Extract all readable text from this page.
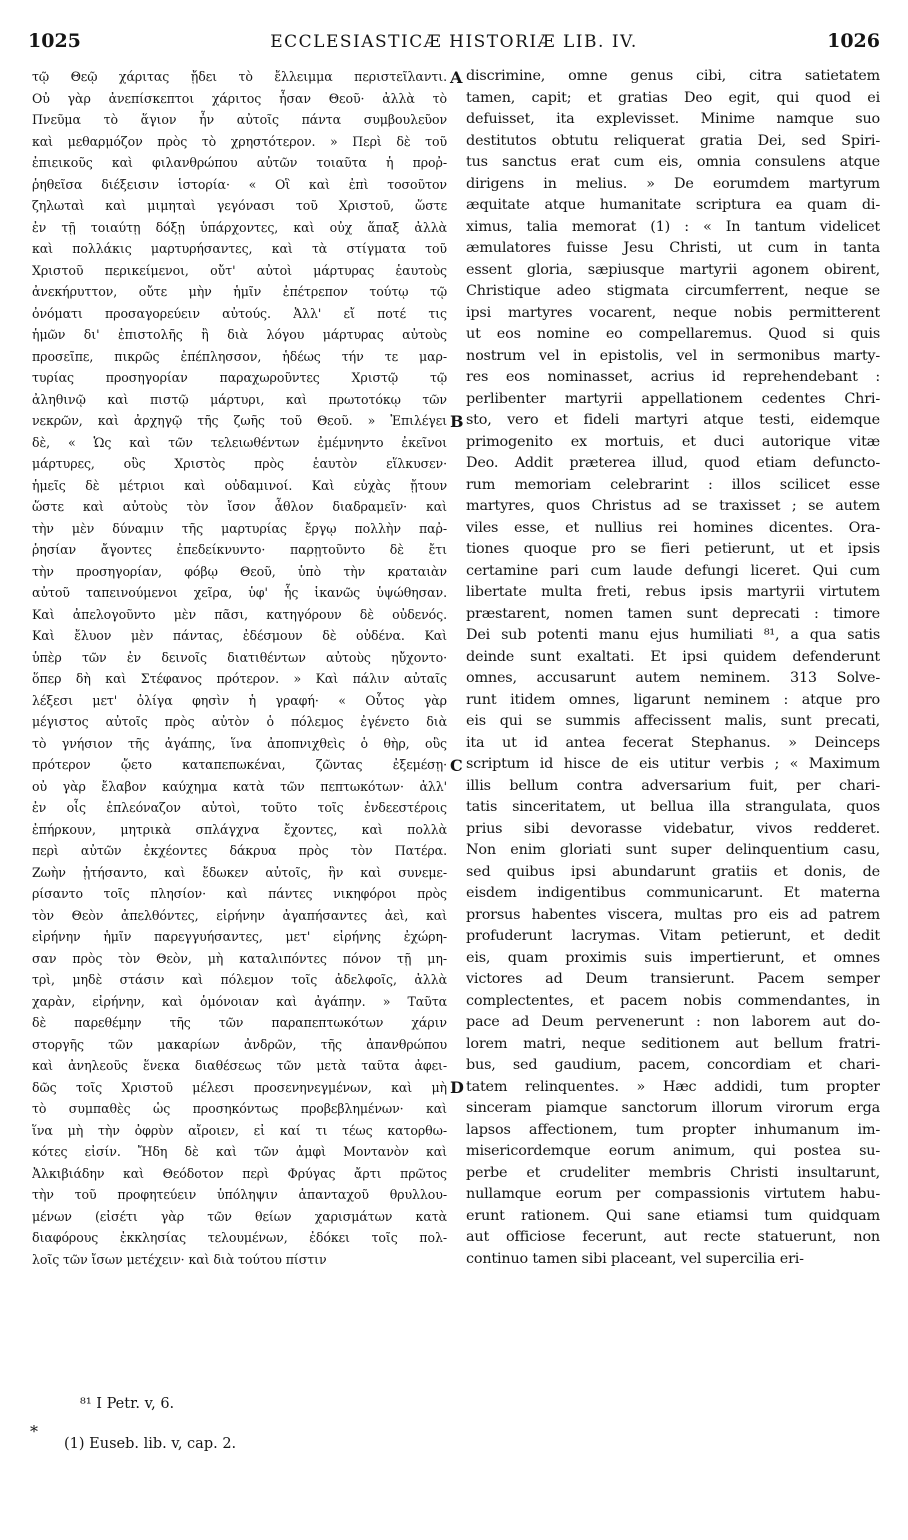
1025	ECCLESIASTICÆ HISTORIÆ LIB. IV.	1026
τῷ Θεῷ χάριτας ᾔδει τὸ ἔλλειμμα περιστεῖλαντι.
Οὐ γὰρ ἀνεπίσκεπτοι χάριτος ἦσαν Θεοῦ· ἀλλὰ τὸ
Πνεῦμα τὸ ἅγιον ἦν αὐτοῖς πάντα συμβουλεῦον
καὶ μεθαρμόζον πρὸς τὸ χρηστότερον. » Περὶ δὲ τοῦ
ἐπιεικοῦς καὶ φιλανθρώπου αὐτῶν τοιαῦτα ἡ προῤ-
ῥηθεῖσα διέξεισιν ἱστορία· « Οἳ καὶ ἐπὶ τοσοῦτον
ζηλωταὶ καὶ μιμηταὶ γεγόνασι τοῦ Χριστοῦ, ὥστε
ἐν τῇ τοιαύτῃ δόξῃ ὑπάρχοντες, καὶ οὐχ ἅπαξ ἀλλὰ
καὶ πολλάκις μαρτυρήσαντες, καὶ τὰ στίγματα τοῦ
Χριστοῦ περικείμενοι, οὔτ' αὐτοὶ μάρτυρας ἑαυτοὺς
ἀνεκήρυττον, οὔτε μὴν ἡμῖν ἐπέτρεπον τούτῳ τῷ
ὀνόματι προσαγορεύειν αὐτούς. Ἀλλ' εἴ ποτέ τις
ἡμῶν δι' ἐπιστολῆς ἢ διὰ λόγου μάρτυρας αὐτοὺς
προσεῖπε, πικρῶς ἐπέπλησσον, ἡδέως τήν τε μαρ-
τυρίας προσηγορίαν παραχωροῦντες Χριστῷ τῷ
ἀληθινῷ καὶ πιστῷ μάρτυρι, καὶ πρωτοτόκῳ τῶν
νεκρῶν, καὶ ἀρχηγῷ τῆς ζωῆς τοῦ Θεοῦ. » Ἐπιλέγει
δὲ, « Ὡς καὶ τῶν τελειωθέντων ἐμέμνηντο ἐκεῖνοι
μάρτυρες, οὓς Χριστὸς πρὸς ἑαυτὸν εἵλκυσεν·
ἡμεῖς δὲ μέτριοι καὶ οὐδαμινοί. Καὶ εὐχὰς ᾔτουν
ὥστε καὶ αὐτοὺς τὸν ἴσον ἆθλον διαδραμεῖν· καὶ
τὴν μὲν δύναμιν τῆς μαρτυρίας ἔργῳ πολλὴν παῤ-
ῥησίαν ἄγοντες ἐπεδείκνυντο· παρῃτοῦντο δὲ ἔτι
τὴν προσηγορίαν, φόβῳ Θεοῦ, ὑπὸ τὴν κραταιὰν
αὐτοῦ ταπεινούμενοι χεῖρα, ὑφ' ἧς ἱκανῶς ὑψώθησαν.
Καὶ ἀπελογοῦντο μὲν πᾶσι, κατηγόρουν δὲ οὐδενός.
Καὶ ἔλυον μὲν πάντας, ἐδέσμουν δὲ οὐδένα. Καὶ
ὑπὲρ τῶν ἐν δεινοῖς διατιθέντων αὐτοὺς ηὔχοντο·
ὅπερ δὴ καὶ Στέφανος πρότερον. » Καὶ πάλιν αὐταῖς
λέξεσι μετ' ὀλίγα φησὶν ἡ γραφή· « Οὗτος γὰρ
μέγιστος αὐτοῖς πρὸς αὐτὸν ὁ πόλεμος ἐγένετο διὰ
τὸ γνήσιον τῆς ἀγάπης, ἵνα ἀποπνιχθεὶς ὁ θὴρ, οὓς
πρότερον ᾤετο καταπεπωκέναι, ζῶντας ἐξεμέσῃ·
οὐ γὰρ ἔλαβον καύχημα κατὰ τῶν πεπτωκότων· ἀλλ'
ἐν οἷς ἐπλεόναζον αὐτοὶ, τοῦτο τοῖς ἐνδεεστέροις
ἐπήρκουν, μητρικὰ σπλάγχνα ἔχοντες, καὶ πολλὰ
περὶ αὐτῶν ἐκχέοντες δάκρυα πρὸς τὸν Πατέρα.
Ζωὴν ᾐτήσαντο, καὶ ἔδωκεν αὐτοῖς, ἣν καὶ συνεμε-
ρίσαντο τοῖς πλησίον· καὶ πάντες νικηφόροι πρὸς
τὸν Θεὸν ἀπελθόντες, εἰρήνην ἀγαπήσαντες ἀεὶ, καὶ
εἰρήνην ἡμῖν παρεγγυήσαντες, μετ' εἰρήνης ἐχώρη-
σαν πρὸς τὸν Θεὸν, μὴ καταλιπόντες πόνον τῇ μη-
τρὶ, μηδὲ στάσιν καὶ πόλεμον τοῖς ἀδελφοῖς, ἀλλὰ
χαρὰν, εἰρήνην, καὶ ὁμόνοιαν καὶ ἀγάπην. » Ταῦτα
δὲ παρεθέμην τῆς τῶν παραπεπτωκότων χάριν
στοργῆς τῶν μακαρίων ἀνδρῶν, τῆς ἀπανθρώπου
καὶ ἀνηλεοῦς ἕνεκα διαθέσεως τῶν μετὰ ταῦτα ἀφει-
δῶς τοῖς Χριστοῦ μέλεσι προσενηνεγμένων, καὶ μὴ
τὸ συμπαθὲς ὡς προσηκόντως προβεβλημένων· καὶ
ἵνα μὴ τὴν ὀφρὺν αἴροιεν, εἰ καί τι τέως κατορθω-
κότες εἰσίν. Ἤδη δὲ καὶ τῶν ἀμφὶ Μοντανὸν καὶ
Ἀλκιβιάδην καὶ Θεόδοτον περὶ Φρύγας ἄρτι πρῶτος
τὴν τοῦ προφητεύειν ὑπόληψιν ἁπανταχοῦ θρυλλου-
μένων (εἰσέτι γὰρ τῶν θείων χαρισμάτων κατὰ
διαφόρους ἐκκλησίας τελουμένων, ἐδόκει τοῖς πολ-
λοῖς τῶν ἴσων μετέχειν· καὶ διὰ τούτου πίστιν
A
B
C
D
discrimine, omne genus cibi, citra satietatem
tamen, capit; et gratias Deo egit, qui quod ei
defuisset, ita explevisset. Minime namque suo
destitutos obtutu reliquerat gratia Dei, sed Spiri-
tus sanctus erat cum eis, omnia consulens atque
dirigens in melius. » De eorumdem martyrum
æquitate atque humanitate scriptura ea quam di-
ximus, talia memorat (1) : « In tantum videlicet
æmulatores fuisse Jesu Christi, ut cum in tanta
essent gloria, sæpiusque martyrii agonem obirent,
Christique adeo stigmata circumferrent, neque se
ipsi martyres vocarent, neque nobis permitterent
ut eos nomine eo compellaremus. Quod si quis
nostrum vel in epistolis, vel in sermonibus marty-
res eos nominasset, acrius id reprehendebant :
perlibenter martyrii appellationem cedentes Chri-
sto, vero et fideli martyri atque testi, eidemque
primogenito ex mortuis, et duci autorique vitæ
Deo. Addit præterea illud, quod etiam defuncto-
rum memoriam celebrarint : illos scilicet esse
martyres, quos Christus ad se traxisset ; se autem
viles esse, et nullius rei homines dicentes. Ora-
tiones quoque pro se fieri petierunt, ut et ipsis
certamine pari cum laude defungi liceret. Qui cum
libertate multa freti, rebus ipsis martyrii virtutem
præstarent, nomen tamen sunt deprecati : timore
Dei sub potenti manu ejus humiliati ⁸¹, a qua satis
deinde sunt exaltati. Et ipsi quidem defenderunt
omnes, accusarunt autem neminem. 313 Solve-
runt itidem omnes, ligarunt neminem : atque pro
eis qui se summis affecissent malis, sunt precati,
ita ut id antea fecerat Stephanus. » Deinceps
scriptum id hisce de eis utitur verbis ; « Maximum
illis bellum contra adversarium fuit, per chari-
tatis sinceritatem, ut bellua illa strangulata, quos
prius sibi devorasse videbatur, vivos redderet.
Non enim gloriati sunt super delinquentium casu,
sed quibus ipsi abundarunt gratiis et donis, de
eisdem indigentibus communicarunt. Et materna
prorsus habentes viscera, multas pro eis ad patrem
profuderunt lacrymas. Vitam petierunt, et dedit
eis, quam proximis suis impertierunt, et omnes
victores ad Deum transierunt. Pacem semper
complectentes, et pacem nobis commendantes, in
pace ad Deum pervenerunt : non laborem aut do-
lorem matri, neque seditionem aut bellum fratri-
bus, sed gaudium, pacem, concordiam et chari-
tatem relinquentes. » Hæc addidi, tum propter
sinceram piamque sanctorum illorum virorum erga
lapsos affectionem, tum propter inhumanum im-
misericordemque eorum animum, qui postea su-
perbe et crudeliter membris Christi insultarunt,
nullamque eorum per compassionis virtutem habu-
erunt rationem. Qui sane etiamsi tum quidquam
aut officiose fecerunt, aut recte statuerunt, non
continuo tamen sibi placeant, vel supercilia eri-
⁸¹ I Petr. v, 6.
*
(1) Euseb. lib. v, cap. 2.
